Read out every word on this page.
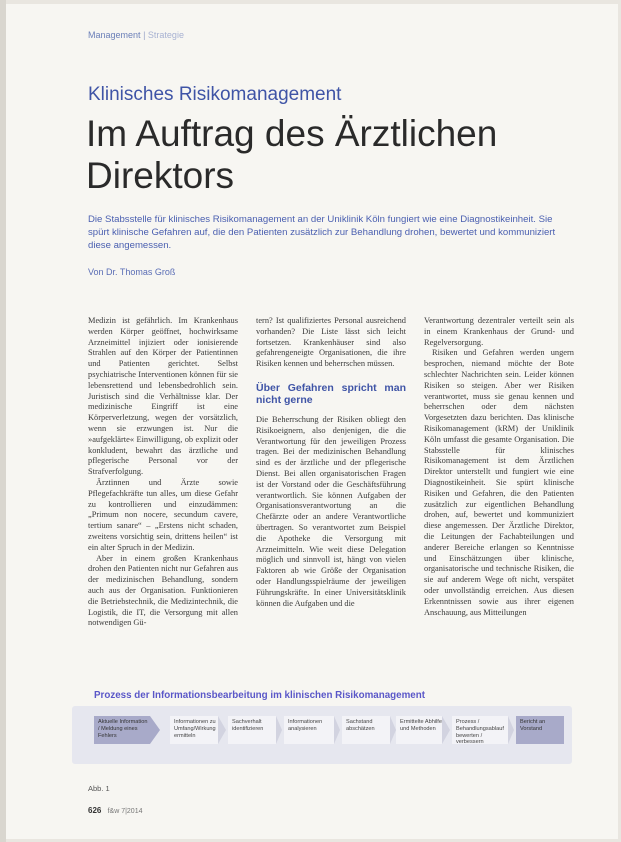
Management | Strategie
Klinisches Risikomanagement
Im Auftrag des Ärztlichen Direktors
Die Stabsstelle für klinisches Risikomanagement an der Uniklinik Köln fungiert wie eine Diagnostikeinheit. Sie spürt klinische Gefahren auf, die den Patienten zusätzlich zur Behandlung drohen, bewertet und kommuniziert diese angemessen.
Von Dr. Thomas Groß

Medizin ist gefährlich. Im Krankenhaus werden Körper geöffnet, hochwirksame Arzneimittel injiziert oder ionisierende Strahlen auf den Körper der Patientinnen und Patienten gerichtet. Selbst psychiatrische Interventionen können für sie lebensrettend und lebensbedrohlich sein. Juristisch sind die Verhältnisse klar. Der medizinische Eingriff ist eine Körperverletzung, wegen der vorsätzlich, wenn sie erzwungen ist. Nur die »aufgeklärte« Einwilligung, ob explizit oder konkludent, bewahrt das ärztliche und pflegerische Personal vor der Strafverfolgung.

Ärztinnen und Ärzte sowie Pflegefachkräfte tun alles, um diese Gefahr zu kontrollieren und einzudämmen: „Primum non nocere, secundum cavere, tertium sanare“ – „Erstens nicht schaden, zweitens vorsichtig sein, drittens heilen“ ist ein alter Spruch in der Medizin.

Aber in einem großen Krankenhaus drohen den Patienten nicht nur Gefahren aus der medizinischen Behandlung, sondern auch aus der Organisation. Funktionieren die Betriebstechnik, die Medizintechnik, die Logistik, die IT, die Versorgung mit allen notwendigen Gü-

tern? Ist qualifiziertes Personal ausreichend vorhanden? Die Liste lässt sich leicht fortsetzen. Krankenhäuser sind also gefahrengeneigte Organisationen, die ihre Risiken kennen und beherrschen müssen.

Über Gefahren spricht man nicht gerne

Die Beherrschung der Risiken obliegt den Risikoeignern, also denjenigen, die die Verantwortung für den jeweiligen Prozess tragen. Bei der medizinischen Behandlung sind es der ärztliche und der pflegerische Dienst. Bei allen organisatorischen Fragen ist der Vorstand oder die Geschäftsführung verantwortlich. Sie können Aufgaben der Organisationsverantwortung an die Chefärzte oder an andere Verantwortliche übertragen. So verantwortet zum Beispiel die Apotheke die Versorgung mit Arzneimitteln. Wie weit diese Delegation möglich und sinnvoll ist, hängt von vielen Faktoren ab wie Größe der Organisation oder Handlungsspielräume der jeweiligen Führungskräfte. In einer Universitätsklinik können die Aufgaben und die

Verantwortung dezentraler verteilt sein als in einem Krankenhaus der Grund- und Regelversorgung.

Risiken und Gefahren werden ungern besprochen, niemand möchte der Bote schlechter Nachrichten sein. Leider können Risiken so steigen. Aber wer Risiken verantwortet, muss sie genau kennen und beherrschen oder dem nächsten Vorgesetzten dazu berichten. Das klinische Risikomanagement (kRM) der Uniklinik Köln umfasst die gesamte Organisation. Die Stabsstelle für klinisches Risikomanagement ist dem Ärztlichen Direktor unterstellt und fungiert wie eine Diagnostikeinheit. Sie spürt klinische Risiken und Gefahren, die den Patienten zusätzlich zur eigentlichen Behandlung drohen, auf, bewertet und kommuniziert diese angemessen. Der Ärztliche Direktor, die Leitungen der Fachabteilungen und anderer Bereiche erlangen so Kenntnisse und Einschätzungen über klinische, organisatorische und technische Risiken, die sie auf anderem Wege oft nicht, verspätet oder unvollständig erreichen. Aus diesen Erkenntnissen sowie aus ihrer eigenen Anschauung, aus Mitteilungen

Prozess der Informationsbearbeitung im klinischen Risikomanagement
Aktuelle Information / Meldung eines Fehlers
Informationen zu Umfang/Wirkung ermitteln
Sachverhalt identifizieren
Informationen analysieren
Sachstand abschätzen
Ermittelte Abhilfe und Methoden
Prozess / Behandlungsablauf bewerten / verbessern
Bericht an Vorstand
Abb. 1
626 f&w 7|2014
